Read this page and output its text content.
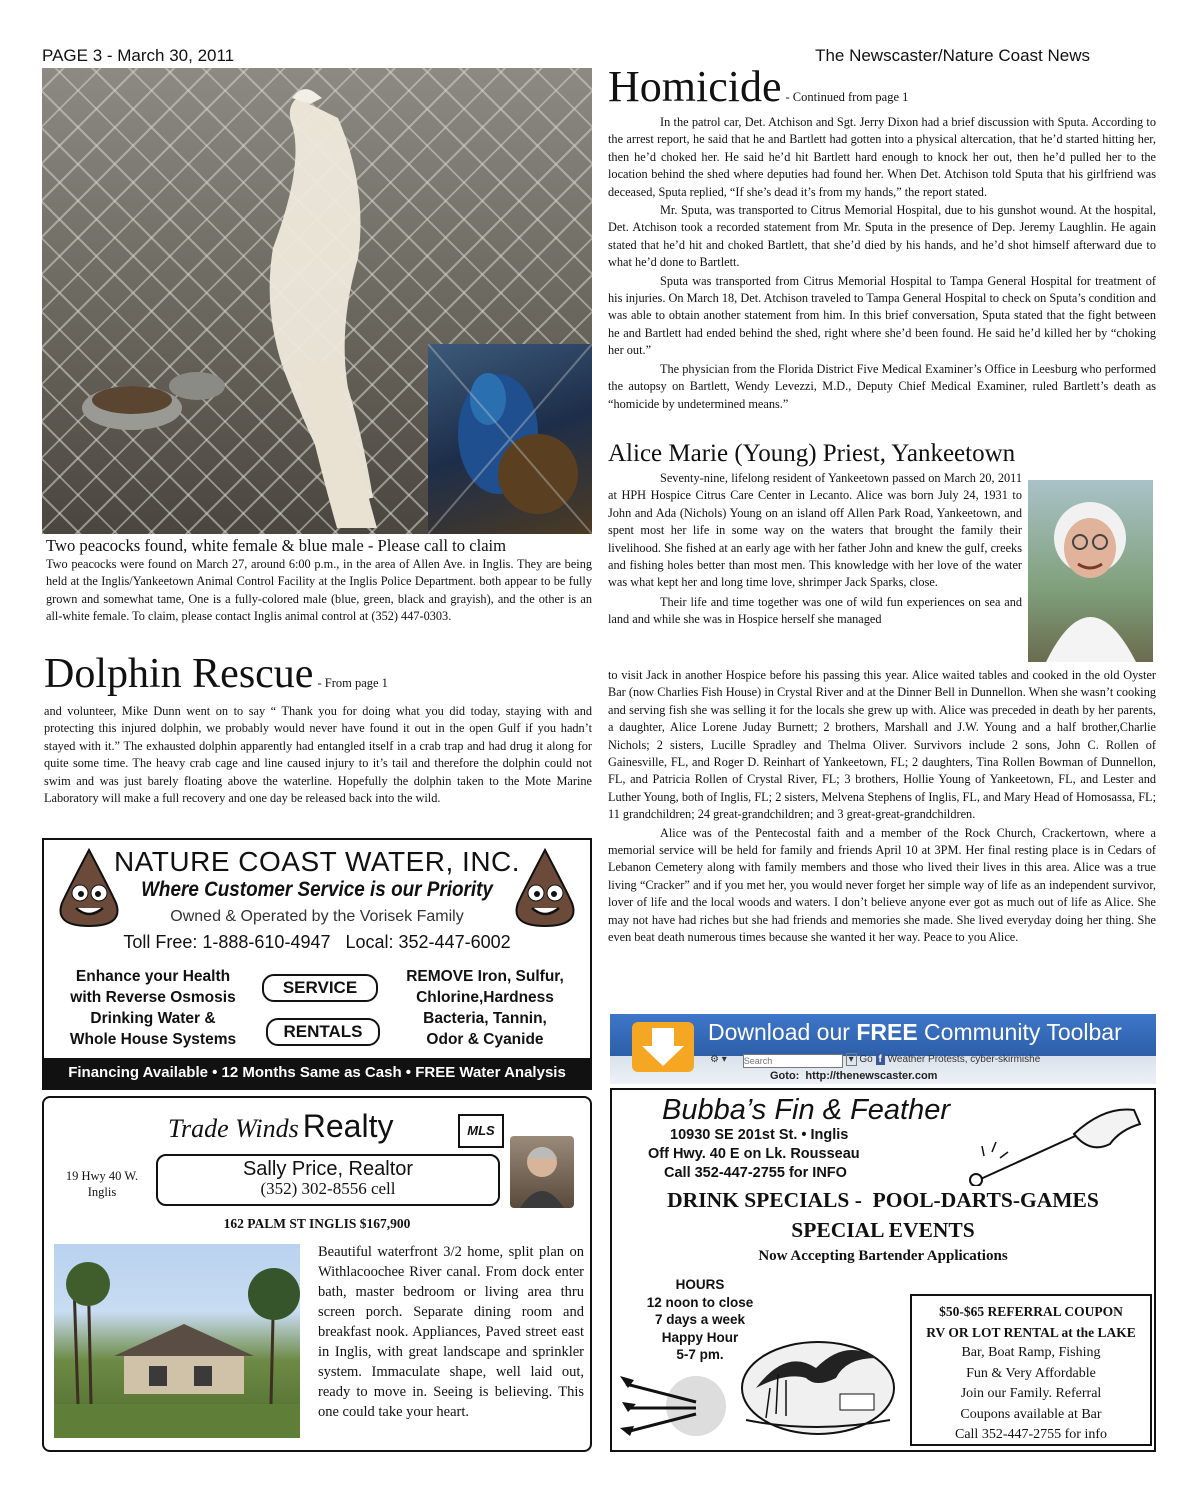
PAGE 3 - March 30, 2011	The Newscaster/Nature Coast News
Two peacocks found, white female & blue male - Please call to claim
Two peacocks were found on March 27, around 6:00 p.m., in the area of Allen Ave. in Inglis. They are being held at the Inglis/Yankeetown Animal Control Facility at the Inglis Police Department. both appear to be fully grown and somewhat tame, One is a fully-colored male (blue, green, black and grayish), and the other is an all-white female. To claim, please contact Inglis animal control at (352) 447-0303.
Dolphin Rescue - From page 1
and volunteer, Mike Dunn went on to say “ Thank you for doing what you did today, staying with and protecting this injured dolphin, we probably would never have found it out in the open Gulf if you hadn’t stayed with it.” The exhausted dolphin apparently had entangled itself in a crab trap and had drug it along for quite some time. The heavy crab cage and line caused injury to it’s tail and therefore the dolphin could not swim and was just barely floating above the waterline. Hopefully the dolphin taken to the Mote Marine Laboratory will make a full recovery and one day be released back into the wild.
NATURE COAST WATER, INC.
Where Customer Service is our Priority
Owned & Operated by the Vorisek Family
Toll Free: 1-888-610-4947   Local: 352-447-6002
Enhance your Health
with Reverse Osmosis
Drinking Water &
Whole House Systems
SERVICE
RENTALS
REMOVE Iron, Sulfur,
Chlorine,Hardness
Bacteria, Tannin,
Odor & Cyanide
Financing Available • 12 Months Same as Cash • FREE Water Analysis
Trade Winds Realty	MLS
19 Hwy 40 W.
Inglis
Sally Price, Realtor
(352) 302-8556 cell
162 PALM ST INGLIS $167,900
Beautiful waterfront 3/2 home, split plan on Withlacoochee River canal. From dock enter bath, master bedroom or living area thru screen porch. Separate dining room and breakfast nook. Appliances, Paved street east in Inglis, with great landscape and sprinkler system. Immaculate shape, well laid out, ready to move in. Seeing is believing. This one could take your heart.
Homicide - Continued from page 1

In the patrol car, Det. Atchison and Sgt. Jerry Dixon had a brief discussion with Sputa. According to the arrest report, he said that he and Bartlett had gotten into a physical altercation, that he’d started hitting her, then he’d choked her. He said he’d hit Bartlett hard enough to knock her out, then he’d pulled her to the location behind the shed where deputies had found her. When Det. Atchison told Sputa that his girlfriend was deceased, Sputa replied, “If she’s dead it’s from my hands,” the report stated.

Mr. Sputa, was transported to Citrus Memorial Hospital, due to his gunshot wound. At the hospital, Det. Atchison took a recorded statement from Mr. Sputa in the presence of Dep. Jeremy Laughlin. He again stated that he’d hit and choked Bartlett, that she’d died by his hands, and he’d shot himself afterward due to what he’d done to Bartlett.

Sputa was transported from Citrus Memorial Hospital to Tampa General Hospital for treatment of his injuries. On March 18, Det. Atchison traveled to Tampa General Hospital to check on Sputa’s condition and was able to obtain another statement from him. In this brief conversation, Sputa stated that the fight between he and Bartlett had ended behind the shed, right where she’d been found. He said he’d killed her by “choking her out.”

The physician from the Florida District Five Medical Examiner’s Office in Leesburg who performed the autopsy on Bartlett, Wendy Levezzi, M.D., Deputy Chief Medical Examiner, ruled Bartlett’s death as “homicide by undetermined means.”

Alice Marie (Young) Priest, Yankeetown

Seventy-nine, lifelong resident of Yankeetown passed on March 20, 2011 at HPH Hospice Citrus Care Center in Lecanto. Alice was born July 24, 1931 to John and Ada (Nichols) Young on an island off Allen Park Road, Yankeetown, and spent most her life in some way on the waters that brought the family their livelihood. She fished at an early age with her father John and knew the gulf, creeks and fishing holes better than most men. This knowledge with her love of the water was what kept her and long time love, shrimper Jack Sparks, close.

Their life and time together was one of wild fun experiences on sea and land and while she was in Hospice herself she managed

to visit Jack in another Hospice before his passing this year. Alice waited tables and cooked in the old Oyster Bar (now Charlies Fish House) in Crystal River and at the Dinner Bell in Dunnellon. When she wasn’t cooking and serving fish she was selling it for the locals she grew up with. Alice was preceded in death by her parents, a daughter, Alice Lorene Juday Burnett; 2 brothers, Marshall and J.W. Young and a half brother,Charlie Nichols; 2 sisters, Lucille Spradley and Thelma Oliver. Survivors include 2 sons, John C. Rollen of Gainesville, FL, and Roger D. Reinhart of Yankeetown, FL; 2 daughters, Tina Rollen Bowman of Dunnellon, FL, and Patricia Rollen of Crystal River, FL; 3 brothers, Hollie Young of Yankeetown, FL, and Lester and Luther Young, both of Inglis, FL; 2 sisters, Melvena Stephens of Inglis, FL, and Mary Head of Homosassa, FL; 11 grandchildren; 24 great-grandchildren; and 3 great-great-grandchildren.

Alice was of the Pentecostal faith and a member of the Rock Church, Crackertown, where a memorial service will be held for family and friends April 10 at 3PM. Her final resting place is in Cedars of Lebanon Cemetery along with family members and those who lived their lives in this area. Alice was a true living “Cracker” and if you met her, you would never forget her simple way of life as an independent survivor, lover of life and the local woods and waters. I don’t believe anyone ever got as much out of life as Alice. She may not have had riches but she had friends and memories she made. She lived everyday doing her thing. She even beat death numerous times because she wanted it her way. Peace to you Alice.

Download our FREE Community Toolbar
⚙ ▾ Search	▾ Go f Weather Protests, cyber-skirmishe
Goto:  http://thenewscaster.com
Bubba’s Fin & Feather
10930 SE 201st St. • Inglis
Off Hwy. 40 E on Lk. Rousseau
Call 352-447-2755 for INFO
DRINK SPECIALS -  POOL-DARTS-GAMES
SPECIAL EVENTS
Now Accepting Bartender Applications
HOURS
12 noon to close
7 days a week
Happy Hour
5-7 pm.
$50-$65 REFERRAL COUPON
RV OR LOT RENTAL at the LAKE
Bar, Boat Ramp, Fishing
Fun & Very Affordable
Join our Family. Referral
Coupons available at Bar
Call 352-447-2755 for info
